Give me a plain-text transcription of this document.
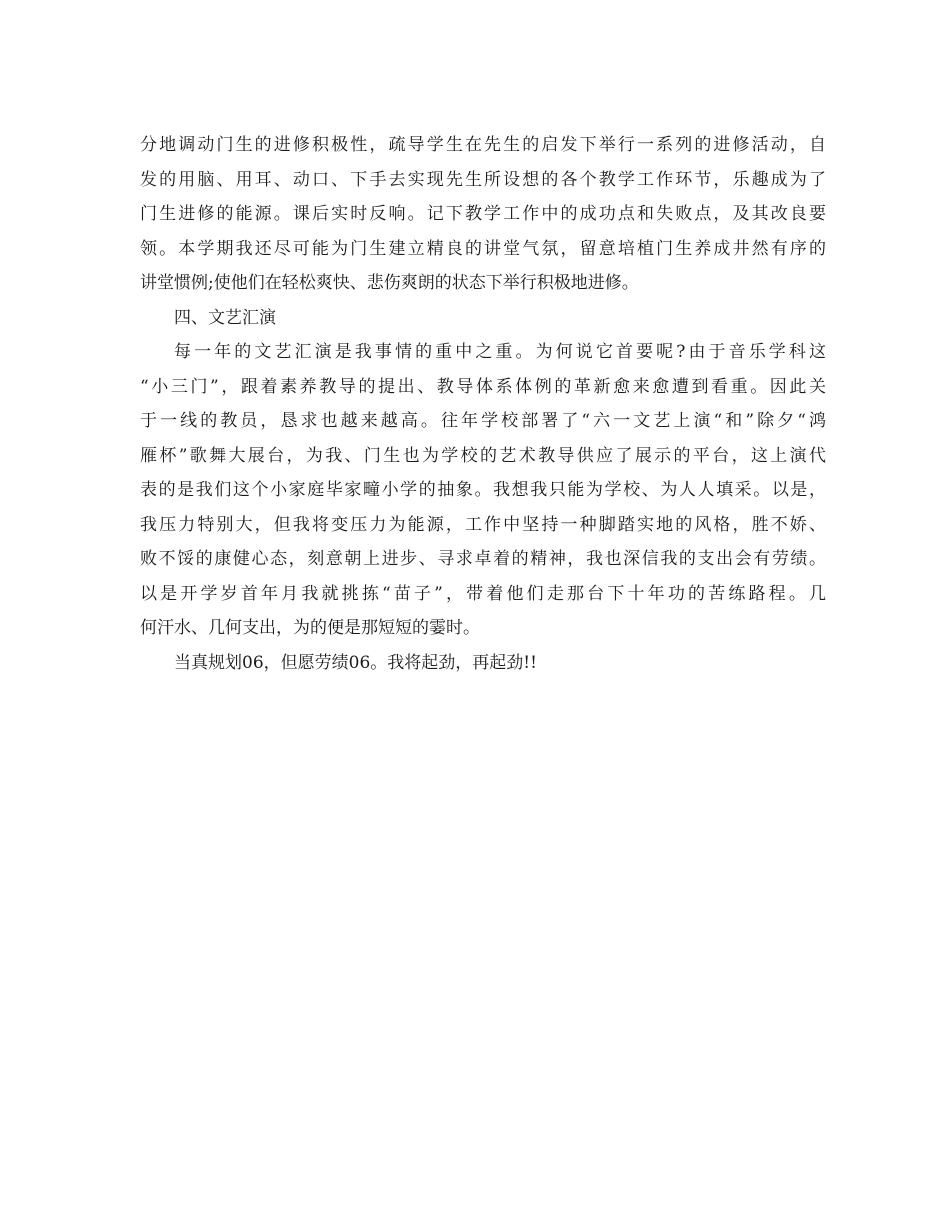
分地调动门生的进修积极性，疏导学生在先生的启发下举行一系列的进修活动，自
发的用脑、用耳、动口、下手去实现先生所设想的各个教学工作环节，乐趣成为了
门生进修的能源。课后实时反响。记下教学工作中的成功点和失败点，及其改良要
领。本学期我还尽可能为门生建立精良的讲堂气氛，留意培植门生养成井然有序的
讲堂惯例;使他们在轻松爽快、悲伤爽朗的状态下举行积极地进修。
四、文艺汇演
每一年的文艺汇演是我事情的重中之重。为何说它首要呢?由于音乐学科这
“小三门”，跟着素养教导的提出、教导体系体例的革新愈来愈遭到看重。因此关
于一线的教员，恳求也越来越高。往年学校部署了“六一文艺上演“和”除夕“鸿
雁杯”歌舞大展台，为我、门生也为学校的艺术教导供应了展示的平台，这上演代
表的是我们这个小家庭毕家疃小学的抽象。我想我只能为学校、为人人填采。以是，
我压力特别大，但我将变压力为能源，工作中坚持一种脚踏实地的风格，胜不娇、
败不馁的康健心态，刻意朝上进步、寻求卓着的精神，我也深信我的支出会有劳绩。
以是开学岁首年月我就挑拣“苗子”，带着他们走那台下十年功的苦练路程。几
何汗水、几何支出，为的便是那短短的霎时。
当真规划06，但愿劳绩06。我将起劲，再起劲!!
